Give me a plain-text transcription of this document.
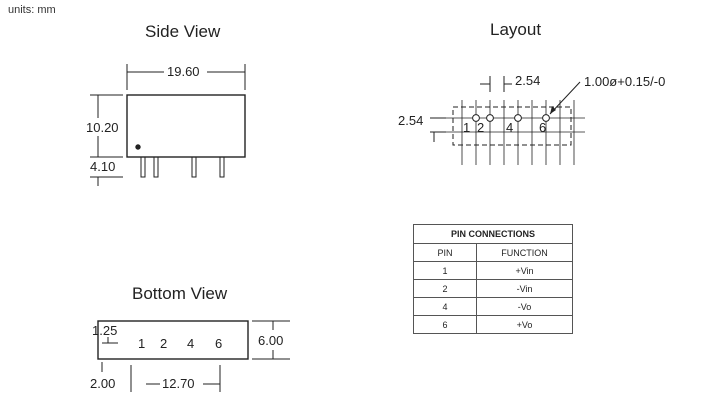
units: mm
Side View
19.60
10.20
4.10
Layout
2.54
2.54
1.00ø+0.15/-0
1 2 4 6
PIN CONNECTIONS	
PIN	FUNCTION
1	+Vin
2	-Vin
4	-Vo
6	+Vo
Bottom View
1.25
1 2 4 6	6.00
2.00	12.70
